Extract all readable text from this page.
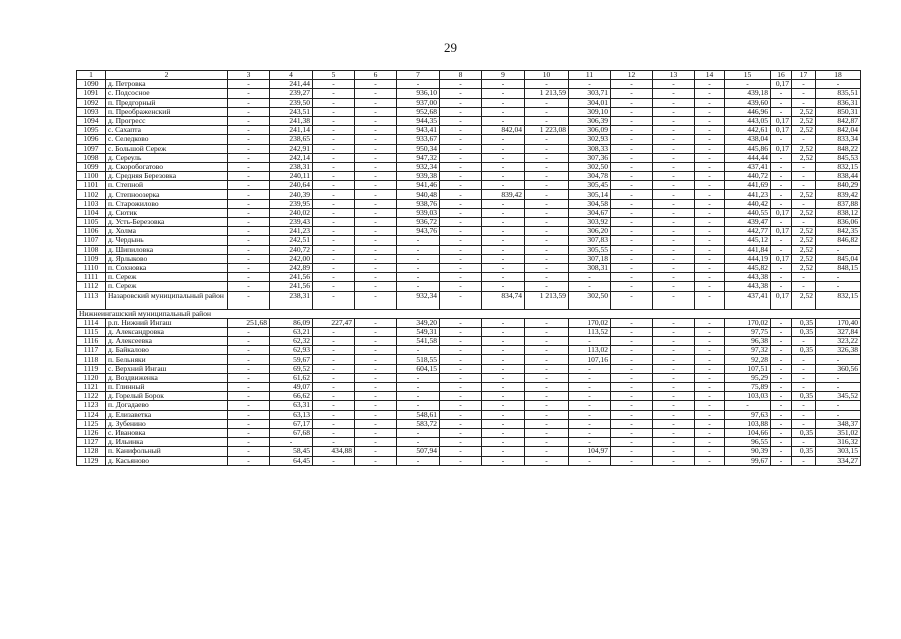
29
1	2	3	4	5	6	7	8	9	10	11	12	13	14	15	16	17	18
1090	д. Петровка	-	241,44	-	-	-	-	-	-	-	-	-	-	-	0,17	-	-
1091	с. Подсосное	-	239,27	-	-	936,10	-	-	1 213,59	303,71	-	-	-	439,18	-	-	835,51
1092	п. Предгорный	-	239,50	-	-	937,00	-	-	-	304,01	-	-	-	439,60	-	-	836,31
1093	п. Преображенский	-	243,51	-	-	952,68	-	-	-	309,10	-	-	-	446,96	-	2,52	850,31
1094	д. Прогресс	-	241,38	-	-	944,35	-	-	-	306,39	-	-	-	443,05	0,17	2,52	842,87
1095	с. Сахапта	-	241,14	-	-	943,41	-	842,04	1 223,08	306,09	-	-	-	442,61	0,17	2,52	842,04
1096	с. Селедково	-	238,65	-	-	933,67	-	-	-	302,93	-	-	-	438,04	-	-	833,34
1097	с. Большой Сереж	-	242,91	-	-	950,34	-	-	-	308,33	-	-	-	445,86	0,17	2,52	848,22
1098	д. Сереуль	-	242,14	-	-	947,32	-	-	-	307,36	-	-	-	444,44	-	2,52	845,53
1099	д. Скоробогатово	-	238,31	-	-	932,34	-	-	-	302,50	-	-	-	437,41	-	-	832,15
1100	д. Средняя Березовка	-	240,11	-	-	939,38	-	-	-	304,78	-	-	-	440,72	-	-	838,44
1101	п. Степной	-	240,64	-	-	941,46	-	-	-	305,45	-	-	-	441,69	-	-	840,29
1102	д. Степноозерка	-	240,39	-	-	940,48	-	839,42	-	305,14	-	-	-	441,23	-	2,52	839,42
1103	п. Старожилово	-	239,95	-	-	938,76	-	-	-	304,58	-	-	-	440,42	-	-	837,88
1104	д. Сютик	-	240,02	-	-	939,03	-	-	-	304,67	-	-	-	440,55	0,17	2,52	838,12
1105	д. Усть-Березовка	-	239,43	-	-	936,72	-	-	-	303,92	-	-	-	439,47	-	-	836,06
1106	д. Холма	-	241,23	-	-	943,76	-	-	-	306,20	-	-	-	442,77	0,17	2,52	842,35
1107	д. Чердынь	-	242,51	-	-	-	-	-	-	307,83	-	-	-	445,12	-	2,52	846,82
1108	д. Шипиловка	-	240,72	-	-	-	-	-	-	305,55	-	-	-	441,84	-	2,52	-
1109	д. Ярлыково	-	242,00	-	-	-	-	-	-	307,18	-	-	-	444,19	0,17	2,52	845,04
1110	п. Сохновка	-	242,89	-	-	-	-	-	-	308,31	-	-	-	445,82	-	2,52	848,15
1111	п. Сереж	-	241,56	-	-	-	-	-	-	-	-	-	-	443,38	-	-	-
1112	п. Сереж	-	241,56	-	-	-	-	-	-	-	-	-	-	443,38	-	-	-
1113	Назаровский муниципальный район	-	238,31	-	-	932,34	-	834,74	1 213,59	302,50	-	-	-	437,41	0,17	2,52	832,15
Нижнеингашский муниципальный район																	
1114	р.п. Нижний Ингаш	251,68	86,09	227,47	-	349,20	-	-	-	170,02	-	-	-	170,02	-	0,35	170,40
1115	д. Александровка	-	63,21	-	-	549,31	-	-	-	113,52	-	-	-	97,75	-	0,35	327,84
1116	д. Алексеевка	-	62,32	-	-	541,58	-	-	-	-	-	-	-	96,38	-	-	323,22
1117	д. Байкалово	-	62,93	-	-	-	-	-	-	113,02	-	-	-	97,32	-	0,35	326,38
1118	п. Бельняки	-	59,67	-	-	518,55	-	-	-	107,16	-	-	-	92,28	-	-	-
1119	с. Верхний Ингаш	-	69,52	-	-	604,15	-	-	-	-	-	-	-	107,51	-	-	360,56
1120	д. Воздвиженка	-	61,62	-	-	-	-	-	-	-	-	-	-	95,29	-	-	-
1121	п. Глинный	-	49,07	-	-	-	-	-	-	-	-	-	-	75,89	-	-	-
1122	д. Горелый Борок	-	66,62	-	-	-	-	-	-	-	-	-	-	103,03	-	0,35	345,52
1123	п. Догадаево	-	63,31	-	-	-	-	-	-	-	-	-	-	-	-	-	-
1124	д. Елизаветка	-	63,13	-	-	548,61	-	-	-	-	-	-	-	97,63	-	-	-
1125	д. Зубенино	-	67,17	-	-	583,72	-	-	-	-	-	-	-	103,88	-	-	348,37
1126	с. Ивановка	-	67,68	-	-	-	-	-	-	-	-	-	-	104,66	-	0,35	351,02
1127	д. Ильинка	-	-	-	-	-	-	-	-	-	-	-	-	96,55	-	-	316,32
1128	п. Канифольный	-	58,45	434,88	-	507,94	-	-	-	104,97	-	-	-	90,39	-	0,35	303,15
1129	д. Касьяново	-	64,45	-	-	-	-	-	-	-	-	-	-	99,67	-	-	334,27
